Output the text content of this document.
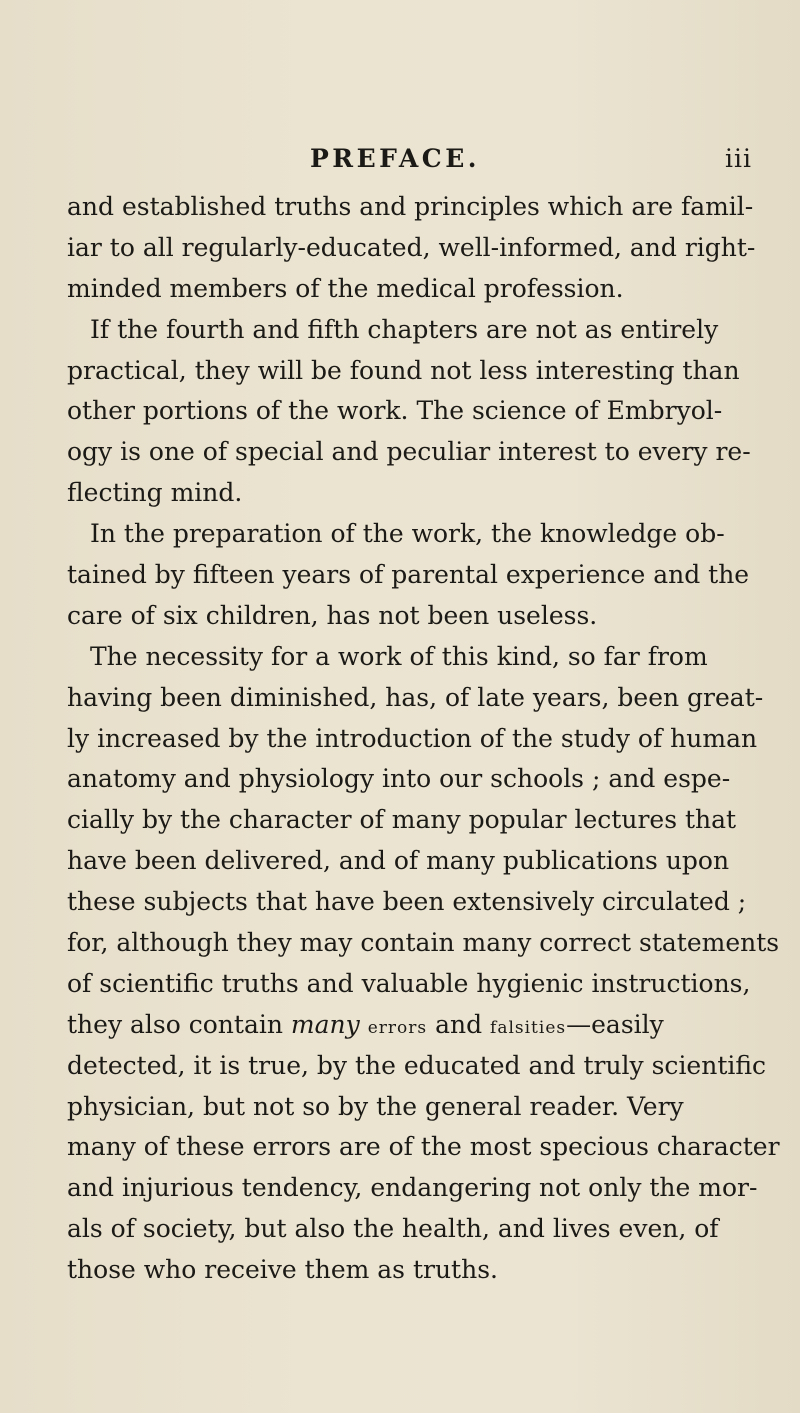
PREFACE.	iii
and established truths and principles which are famil-
iar to all regularly-educated, well-informed, and right-
minded members of the medical profession.
If the fourth and fifth chapters are not as entirely
practical, they will be found not less interesting than
other portions of the work. The science of Embryol-
ogy is one of special and peculiar interest to every re-
flecting mind.
In the preparation of the work, the knowledge ob-
tained by fifteen years of parental experience and the
care of six children, has not been useless.
The necessity for a work of this kind, so far from
having been diminished, has, of late years, been great-
ly increased by the introduction of the study of human
anatomy and physiology into our schools ; and espe-
cially by the character of many popular lectures that
have been delivered, and of many publications upon
these subjects that have been extensively circulated ;
for, although they may contain many correct statements
of scientific truths and valuable hygienic instructions,
they also contain many errors and falsities—easily
detected, it is true, by the educated and truly scientific
physician, but not so by the general reader. Very
many of these errors are of the most specious character
and injurious tendency, endangering not only the mor-
als of society, but also the health, and lives even, of
those who receive them as truths.
